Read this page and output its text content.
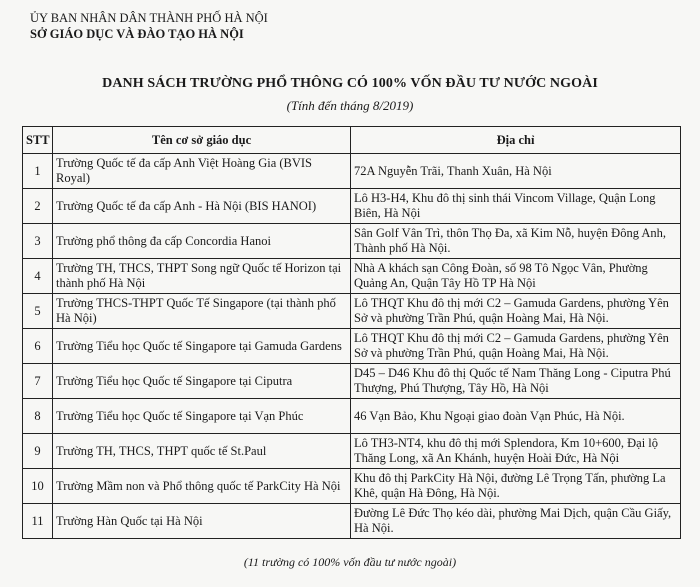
ỦY BAN NHÂN DÂN THÀNH PHỐ HÀ NỘI
SỞ GIÁO DỤC VÀ ĐÀO TẠO HÀ NỘI
DANH SÁCH TRƯỜNG PHỔ THÔNG CÓ 100% VỐN ĐẦU TƯ NƯỚC NGOÀI
(Tính đến tháng 8/2019)
STT	Tên cơ sở giáo dục	Địa chỉ
1	Trường Quốc tế đa cấp Anh Việt Hoàng Gia (BVIS Royal)	72A Nguyễn Trãi, Thanh Xuân, Hà Nội
2	Trường Quốc tế đa cấp Anh - Hà Nội (BIS HANOI)	Lô H3-H4, Khu đô thị sinh thái Vincom Village, Quận Long Biên, Hà Nội
3	Trường phổ thông đa cấp Concordia Hanoi	Sân Golf Vân Trì, thôn Thọ Đa, xã Kim Nỗ, huyện Đông Anh, Thành phố Hà Nội.
4	Trường TH, THCS, THPT Song ngữ Quốc tế Horizon tại thành phố Hà Nội	Nhà A khách sạn Công Đoàn, số 98 Tô Ngọc Vân, Phường Quảng An, Quận Tây Hồ TP Hà Nội
5	Trường THCS-THPT Quốc Tế Singapore (tại thành phố Hà Nội)	Lô THQT Khu đô thị mới C2 – Gamuda Gardens, phường Yên Sở và phường Trần Phú, quận Hoàng Mai, Hà Nội.
6	Trường Tiểu học Quốc tế Singapore tại Gamuda Gardens	Lô THQT Khu đô thị mới C2 – Gamuda Gardens, phường Yên Sở và phường Trần Phú, quận Hoàng Mai, Hà Nội.
7	Trường Tiểu học Quốc tế Singapore tại Ciputra	D45 – D46 Khu đô thị Quốc tế Nam Thăng Long - Ciputra Phú Thượng, Phú Thượng, Tây Hồ, Hà Nội
8	Trường Tiểu học Quốc tế Singapore tại Vạn Phúc	46 Vạn Bảo, Khu Ngoại giao đoàn Vạn Phúc, Hà Nội.
9	Trường TH, THCS, THPT quốc tế St.Paul	Lô TH3-NT4, khu đô thị mới Splendora, Km 10+600, Đại lộ Thăng Long, xã An Khánh, huyện Hoài Đức, Hà Nội
10	Trường Mầm non và Phổ thông quốc tế ParkCity Hà Nội	Khu đô thị ParkCity Hà Nội, đường Lê Trọng Tấn, phường La Khê, quận Hà Đông, Hà Nội.
11	Trường Hàn Quốc tại Hà Nội	Đường Lê Đức Thọ kéo dài, phường Mai Dịch, quận Cầu Giấy, Hà Nội.
(11 trường có 100% vốn đầu tư nước ngoài)
